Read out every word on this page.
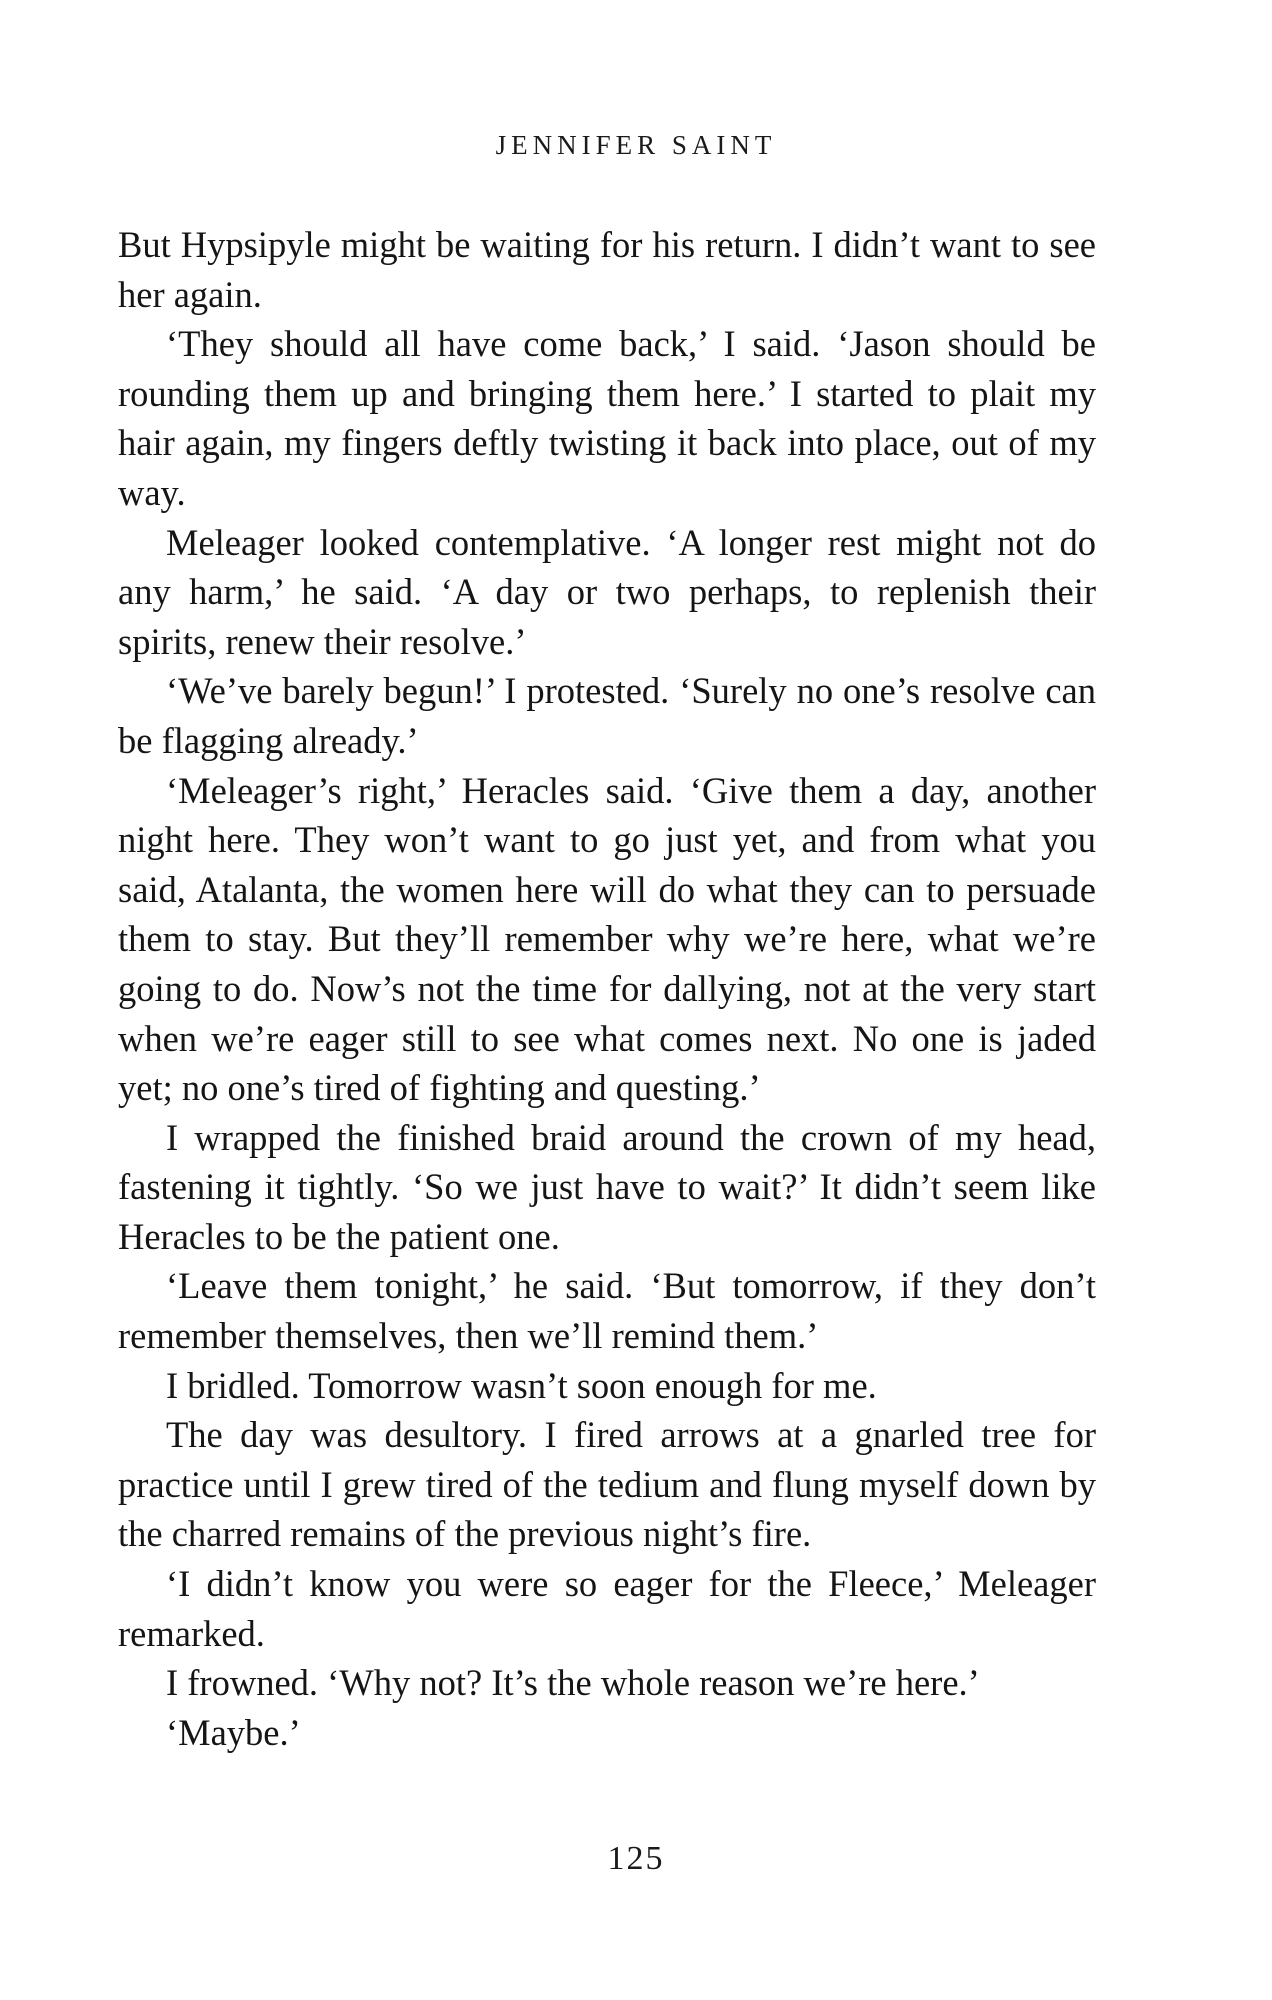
JENNIFER SAINT

But Hypsipyle might be waiting for his return. I didn’t want to see her again.

‘They should all have come back,’ I said. ‘Jason should be rounding them up and bringing them here.’ I started to plait my hair again, my fingers deftly twisting it back into place, out of my way.

Meleager looked contemplative. ‘A longer rest might not do any harm,’ he said. ‘A day or two perhaps, to replenish their spirits, renew their resolve.’

‘We’ve barely begun!’ I protested. ‘Surely no one’s resolve can be flagging already.’

‘Meleager’s right,’ Heracles said. ‘Give them a day, another night here. They won’t want to go just yet, and from what you said, Atalanta, the women here will do what they can to persuade them to stay. But they’ll remember why we’re here, what we’re going to do. Now’s not the time for dallying, not at the very start when we’re eager still to see what comes next. No one is jaded yet; no one’s tired of fighting and questing.’

I wrapped the finished braid around the crown of my head, fastening it tightly. ‘So we just have to wait?’ It didn’t seem like Heracles to be the patient one.

‘Leave them tonight,’ he said. ‘But tomorrow, if they don’t remember themselves, then we’ll remind them.’

I bridled. Tomorrow wasn’t soon enough for me.

The day was desultory. I fired arrows at a gnarled tree for practice until I grew tired of the tedium and flung myself down by the charred remains of the previous night’s fire.

‘I didn’t know you were so eager for the Fleece,’ Meleager remarked.

I frowned. ‘Why not? It’s the whole reason we’re here.’

‘Maybe.’

125
